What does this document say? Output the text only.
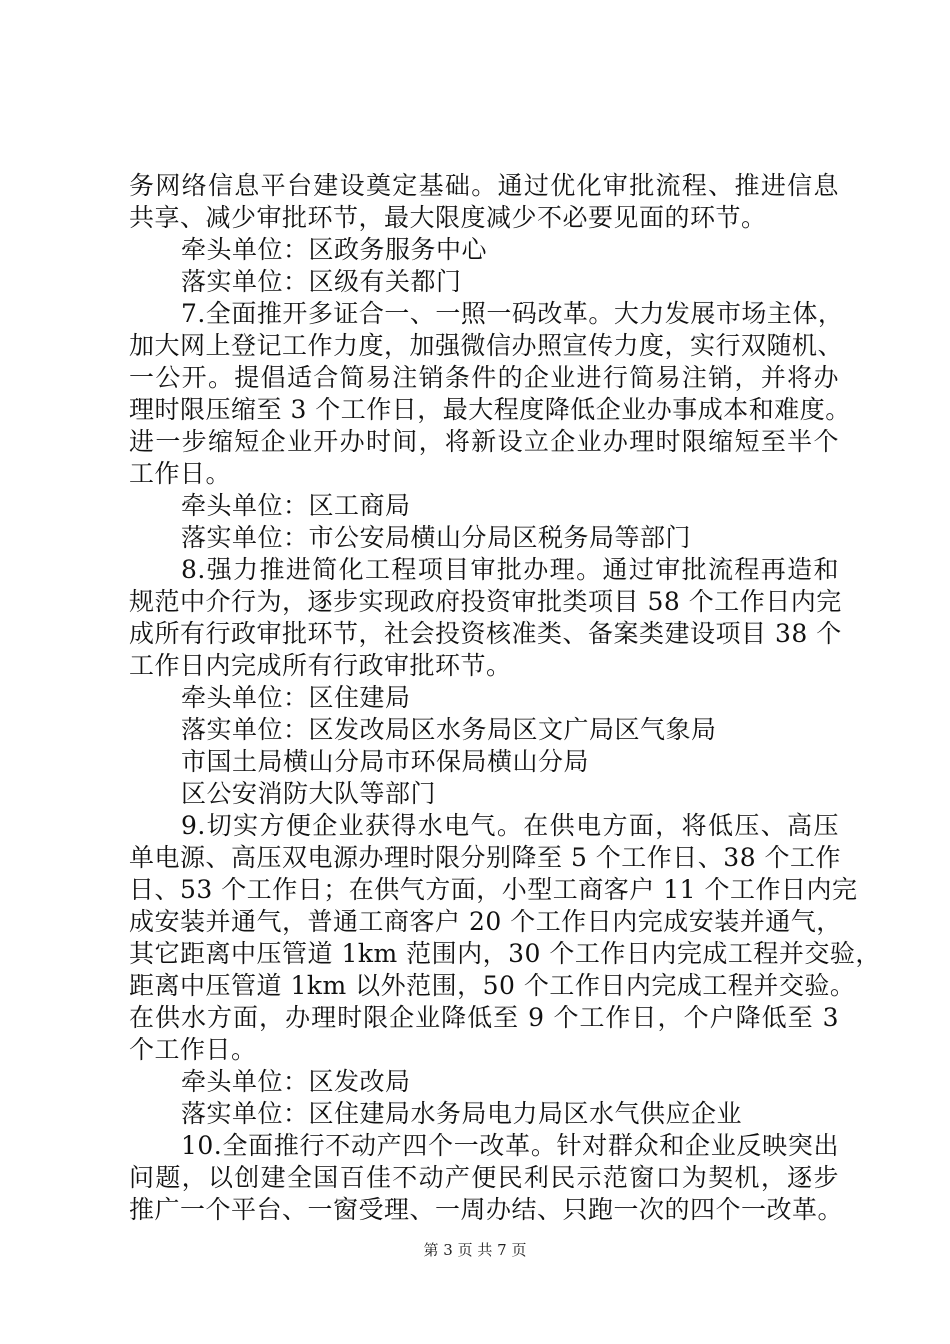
务网络信息平台建设奠定基础。通过优化审批流程、推进信息
共享、减少审批环节，最大限度减少不必要见面的环节。
牵头单位：区政务服务中心
落实单位：区级有关都门
7.全面推开多证合一、一照一码改革。大力发展市场主体，
加大网上登记工作力度，加强微信办照宣传力度，实行双随机、
一公开。提倡适合简易注销条件的企业进行简易注销，并将办
理时限压缩至 3 个工作日，最大程度降低企业办事成本和难度。
进一步缩短企业开办时间，将新设立企业办理时限缩短至半个
工作日。
牵头单位：区工商局
落实单位：市公安局横山分局区税务局等部门
8.强力推进简化工程项目审批办理。通过审批流程再造和
规范中介行为，逐步实现政府投资审批类项目 58 个工作日内完
成所有行政审批环节，社会投资核准类、备案类建设项目 38 个
工作日内完成所有行政审批环节。
牵头单位：区住建局
落实单位：区发改局区水务局区文广局区气象局
市国土局横山分局市环保局横山分局
区公安消防大队等部门
9.切实方便企业获得水电气。在供电方面，将低压、高压
单电源、高压双电源办理时限分别降至 5 个工作日、38 个工作
日、53 个工作日；在供气方面，小型工商客户 11 个工作日内完
成安装并通气，普通工商客户 20 个工作日内完成安装并通气，
其它距离中压管道 1km 范围内，30 个工作日内完成工程并交验，
距离中压管道 1km 以外范围，50 个工作日内完成工程并交验。
在供水方面，办理时限企业降低至 9 个工作日，个户降低至 3
个工作日。
牵头单位：区发改局
落实单位：区住建局水务局电力局区水气供应企业
10.全面推行不动产四个一改革。针对群众和企业反映突出
问题，以创建全国百佳不动产便民利民示范窗口为契机，逐步
推广一个平台、一窗受理、一周办结、只跑一次的四个一改革。
第 3 页 共 7 页
